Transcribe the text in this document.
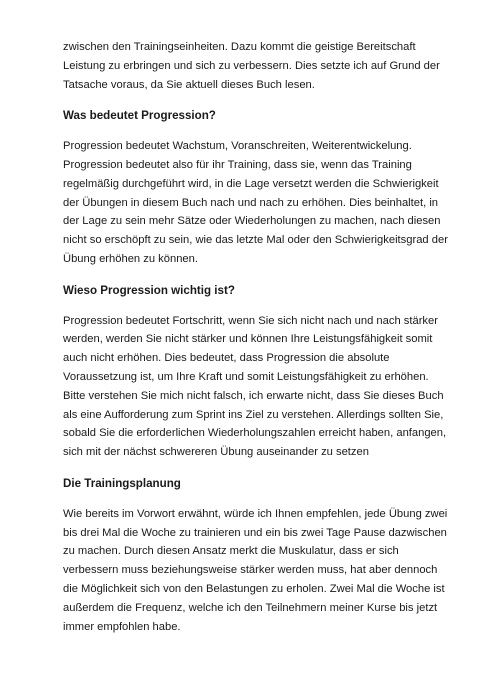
zwischen den Trainingseinheiten. Dazu kommt die geistige Bereitschaft
Leistung zu erbringen und sich zu verbessern. Dies setzte ich auf Grund der
Tatsache voraus, da Sie aktuell dieses Buch lesen.
Was bedeutet Progression?
Progression bedeutet Wachstum, Voranschreiten, Weiterentwickelung.
Progression bedeutet also für ihr Training, dass sie, wenn das Training
regelmäßig durchgeführt wird, in die Lage versetzt werden die Schwierigkeit
der Übungen in diesem Buch nach und nach zu erhöhen. Dies beinhaltet, in
der Lage zu sein mehr Sätze oder Wiederholungen zu machen, nach diesen
nicht so erschöpft zu sein, wie das letzte Mal oder den Schwierigkeitsgrad der
Übung erhöhen zu können.
Wieso Progression wichtig ist?
Progression bedeutet Fortschritt, wenn Sie sich nicht nach und nach stärker
werden, werden Sie nicht stärker und können Ihre Leistungsfähigkeit somit
auch nicht erhöhen. Dies bedeutet, dass Progression die absolute
Voraussetzung ist, um Ihre Kraft und somit Leistungsfähigkeit zu erhöhen.
Bitte verstehen Sie mich nicht falsch, ich erwarte nicht, dass Sie dieses Buch
als eine Aufforderung zum Sprint ins Ziel zu verstehen. Allerdings sollten Sie,
sobald Sie die erforderlichen Wiederholungszahlen erreicht haben, anfangen,
sich mit der nächst schwereren Übung auseinander zu setzen
Die Trainingsplanung
Wie bereits im Vorwort erwähnt, würde ich Ihnen empfehlen, jede Übung zwei
bis drei Mal die Woche zu trainieren und ein bis zwei Tage Pause dazwischen
zu machen. Durch diesen Ansatz merkt die Muskulatur, dass er sich
verbessern muss beziehungsweise stärker werden muss, hat aber dennoch
die Möglichkeit sich von den Belastungen zu erholen. Zwei Mal die Woche ist
außerdem die Frequenz, welche ich den Teilnehmern meiner Kurse bis jetzt
immer empfohlen habe.
